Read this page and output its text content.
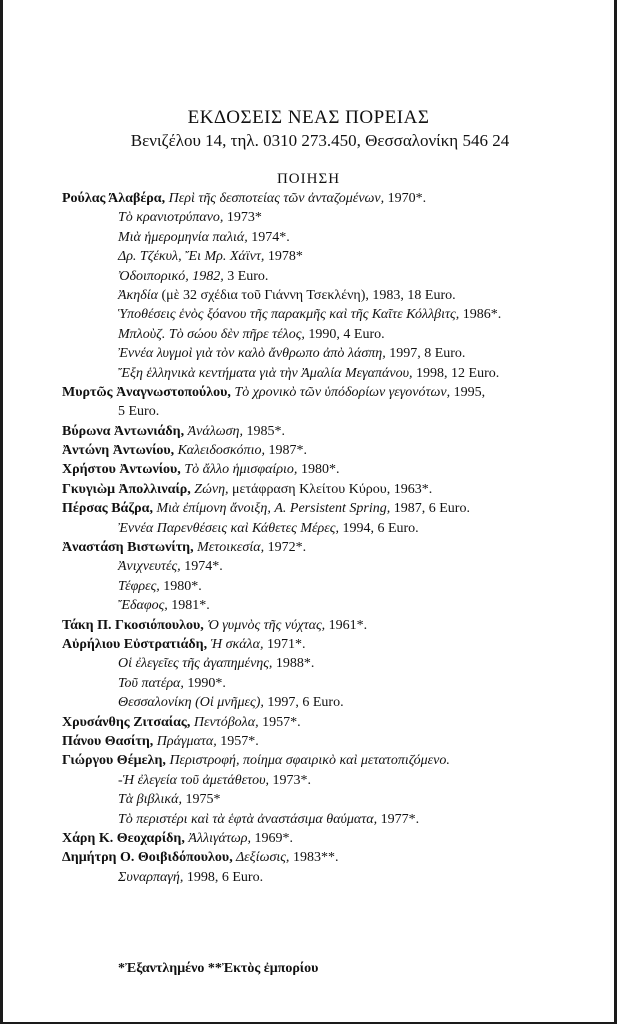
ΕΚΔΟΣΕΙΣ ΝΕΑΣ ΠΟΡΕΙΑΣ
Βενιζέλου 14, τηλ. 0310 273.450, Θεσσαλονίκη 546 24
ΠΟΙΗΣΗ
Ρούλας Άλαβέρα, Περὶ τῆς δεσποτείας τῶν ἀνταζομένων, 1970*.
Τὸ κρανιοτρύπανο, 1973*
Μιὰ ἡμερομηνία παλιά, 1974*.
Δρ. Τζέκυλ, Ἔι Μρ. Χάϊντ, 1978*
Ὀδοιπορικό, 1982, 3 Euro.
Ἀκηδία (μὲ 32 σχέδια τοῦ Γιάννη Τσεκλένη), 1983, 18 Euro.
Ὑποθέσεις ἑνὸς ξόανου τῆς παρακμῆς καὶ τῆς Καῖτε Κόλλβιτς, 1986*.
Μπλοὺζ. Τὸ σώου δὲν πῆρε τέλος, 1990, 4 Euro.
Ἐννέα λυγμοὶ γιὰ τὸν καλὸ ἄνθρωπο ἀπὸ λάσπη, 1997, 8 Euro.
Ἔξη ἑλληνικὰ κεντήματα γιὰ τὴν Ἀμαλία Μεγαπάνου, 1998, 12 Euro.
Μυρτῶς Ἀναγνωστοπούλου, Τὸ χρονικὸ τῶν ὑπόδορίων γεγονότων, 1995,
5 Euro.
Βύρωνα Ἀντωνιάδη, Ἀνάλωση, 1985*.
Ἀντώνη Ἀντωνίου, Καλειδοσκόπιο, 1987*.
Χρήστου Ἀντωνίου, Τὸ ἄλλο ἡμισφαίριο, 1980*.
Γκυγιὼμ Ἀπολλιναίρ, Ζώνη, μετάφραση Κλείτου Κύρου, 1963*.
Πέρσας Βάζρα, Μιὰ ἐπίμονη ἄνοιξη, A. Persistent Spring, 1987, 6 Euro.
Ἐννέα Παρενθέσεις καὶ Κάθετες Μέρες, 1994, 6 Euro.
Ἀναστάση Βιστωνίτη, Μετοικεσία, 1972*.
Ἀνιχνευτές, 1974*.
Τέφρες, 1980*.
Ἔδαφος, 1981*.
Τάκη Π. Γκοσιόπουλου, Ὁ γυμνὸς τῆς νύχτας, 1961*.
Αὐρήλιου Εὐστρατιάδη, Ἡ σκάλα, 1971*.
Οἱ ἐλεγεῖες τῆς ἀγαπημένης, 1988*.
Τοῦ πατέρα, 1990*.
Θεσσαλονίκη (Οἱ μνῆμες), 1997, 6 Euro.
Χρυσάνθης Ζιτσαίας, Πεντόβολα, 1957*.
Πάνου Θασίτη, Πράγματα, 1957*.
Γιώργου Θέμελη, Περιστροφή, ποίημα σφαιρικὸ καὶ μετατοπιζόμενο.
-Ἡ ἐλεγεία τοῦ ἀμετάθετου, 1973*.
Τὰ βιβλικά, 1975*
Τὸ περιστέρι καὶ τὰ ἑφτὰ ἀναστάσιμα θαύματα, 1977*.
Χάρη Κ. Θεοχαρίδη, Ἀλλιγάτωρ, 1969*.
Δημήτρη Ο. Θοιβιδόπουλου, Δεξίωσις, 1983**.
Συναρπαγή, 1998, 6 Euro.
*Ἐξαντλημένο **Ἐκτὸς ἐμπορίου
